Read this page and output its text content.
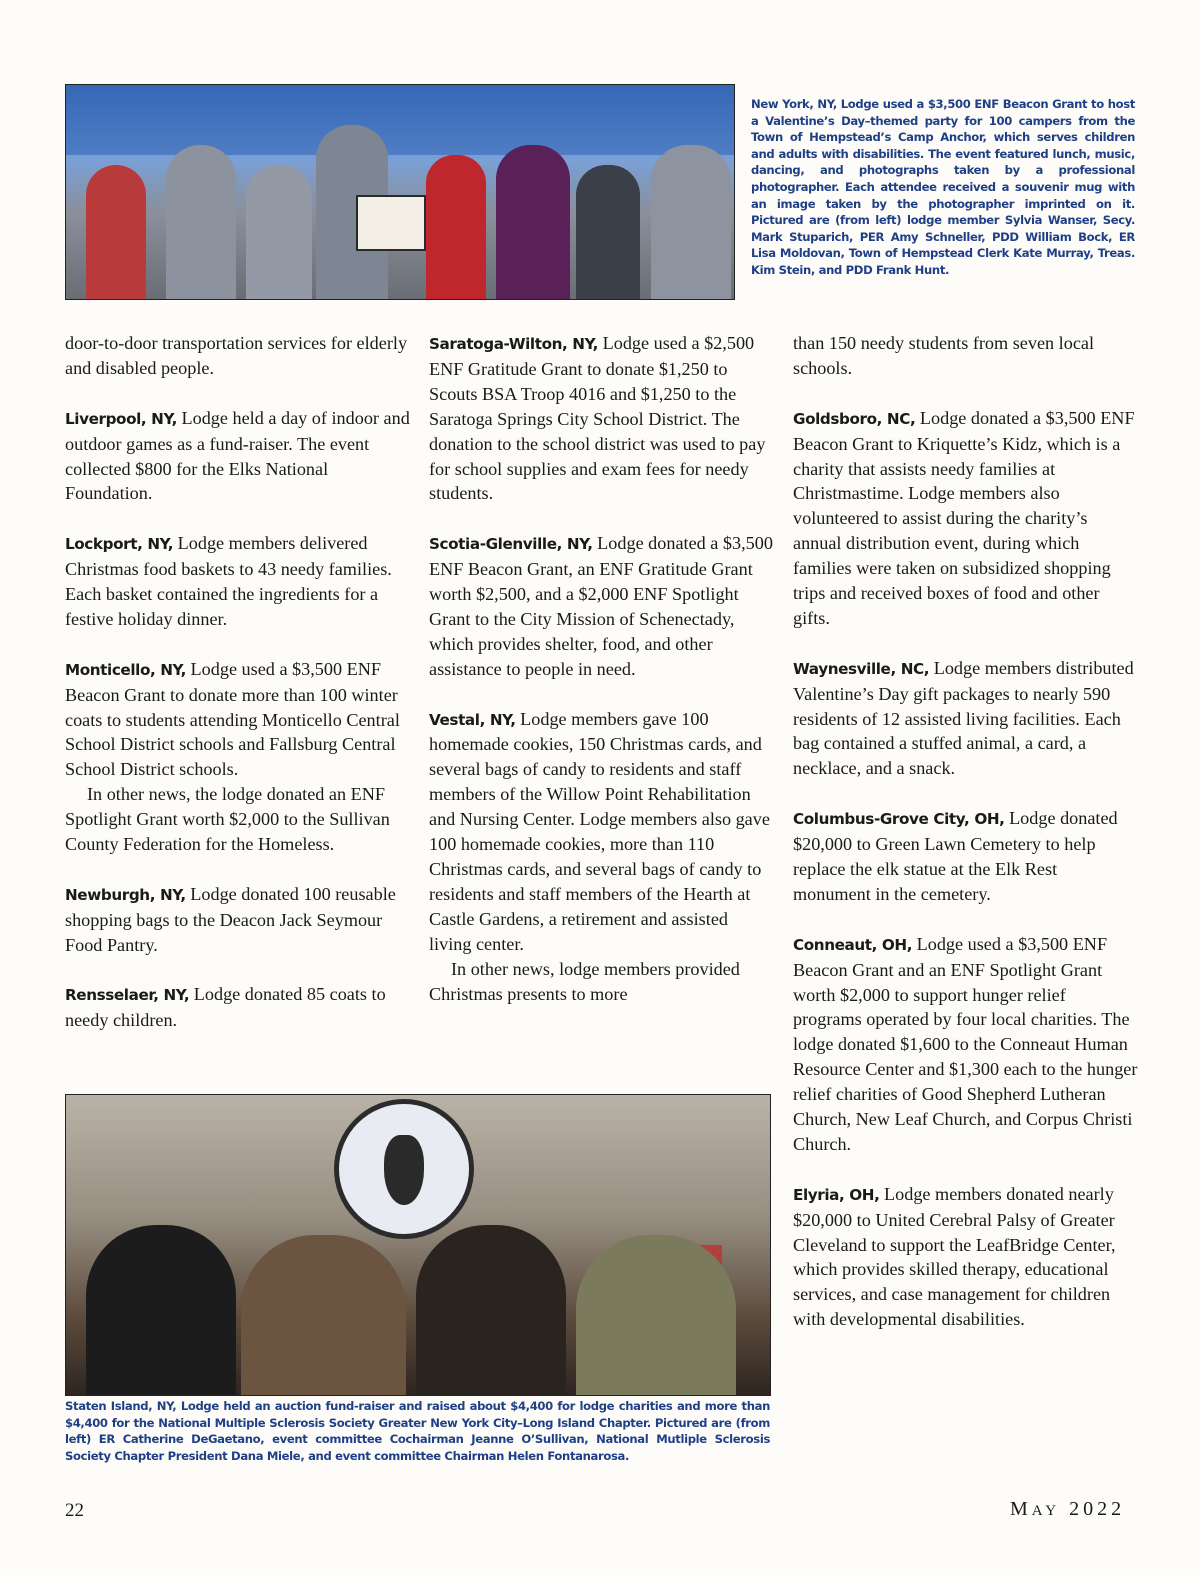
New York, NY, Lodge used a $3,500 ENF Beacon Grant to host a Valentine’s Day–themed party for 100 campers from the Town of Hempstead’s Camp Anchor, which serves children and adults with disabilities. The event featured lunch, music, dancing, and photographs taken by a professional photographer. Each attendee received a souvenir mug with an image taken by the photographer imprinted on it. Pictured are (from left) lodge member Sylvia Wanser, Secy. Mark Stuparich, PER Amy Schneller, PDD William Bock, ER Lisa Moldovan, Town of Hempstead Clerk Kate Murray, Treas. Kim Stein, and PDD Frank Hunt.

door-to-door transportation services for elderly and disabled people.

Liverpool, NY, Lodge held a day of indoor and outdoor games as a fund-raiser. The event collected $800 for the Elks National Foundation.

Lockport, NY, Lodge members delivered Christmas food baskets to 43 needy families. Each basket contained the ingredients for a festive holiday dinner.

Monticello, NY, Lodge used a $3,500 ENF Beacon Grant to donate more than 100 winter coats to students attending Monticello Central School District schools and Fallsburg Central School District schools.

In other news, the lodge donated an ENF Spotlight Grant worth $2,000 to the Sullivan County Federation for the Homeless.

Newburgh, NY, Lodge donated 100 reusable shopping bags to the Deacon Jack Seymour Food Pantry.

Rensselaer, NY, Lodge donated 85 coats to needy children.

Saratoga-Wilton, NY, Lodge used a $2,500 ENF Gratitude Grant to donate $1,250 to Scouts BSA Troop 4016 and $1,250 to the Saratoga Springs City School District. The donation to the school district was used to pay for school supplies and exam fees for needy students.

Scotia-Glenville, NY, Lodge donated a $3,500 ENF Beacon Grant, an ENF Gratitude Grant worth $2,500, and a $2,000 ENF Spotlight Grant to the City Mission of Schenectady, which provides shelter, food, and other assistance to people in need.

Vestal, NY, Lodge members gave 100 homemade cookies, 150 Christmas cards, and several bags of candy to residents and staff members of the Willow Point Rehabilitation and Nursing Center. Lodge members also gave 100 homemade cookies, more than 110 Christmas cards, and several bags of candy to residents and staff members of the Hearth at Castle Gardens, a retirement and assisted living center.

In other news, lodge members provided Christmas presents to more

than 150 needy students from seven local schools.

Goldsboro, NC, Lodge donated a $3,500 ENF Beacon Grant to Kriquette’s Kidz, which is a charity that assists needy families at Christmastime. Lodge members also volunteered to assist during the charity’s annual distribution event, during which families were taken on subsidized shopping trips and received boxes of food and other gifts.

Waynesville, NC, Lodge members distributed Valentine’s Day gift packages to nearly 590 residents of 12 assisted living facilities. Each bag contained a stuffed animal, a card, a necklace, and a snack.

Columbus-Grove City, OH, Lodge donated $20,000 to Green Lawn Cemetery to help replace the elk statue at the Elk Rest monument in the cemetery.

Conneaut, OH, Lodge used a $3,500 ENF Beacon Grant and an ENF Spotlight Grant worth $2,000 to support hunger relief programs operated by four local charities. The lodge donated $1,600 to the Conneaut Human Resource Center and $1,300 each to the hunger relief charities of Good Shepherd Lutheran Church, New Leaf Church, and Corpus Christi Church.

Elyria, OH, Lodge members donated nearly $20,000 to United Cerebral Palsy of Greater Cleveland to support the LeafBridge Center, which provides skilled therapy, educational services, and case management for children with developmental disabilities.

Staten Island, NY, Lodge held an auction fund-raiser and raised about $4,400 for lodge charities and more than $4,400 for the National Multiple Sclerosis Society Greater New York City–Long Island Chapter. Pictured are (from left) ER Catherine DeGaetano, event committee Cochairman Jeanne O’Sullivan, National Mutliple Sclerosis Society Chapter President Dana Miele, and event committee Chairman Helen Fontanarosa.
22	MAY 2022
